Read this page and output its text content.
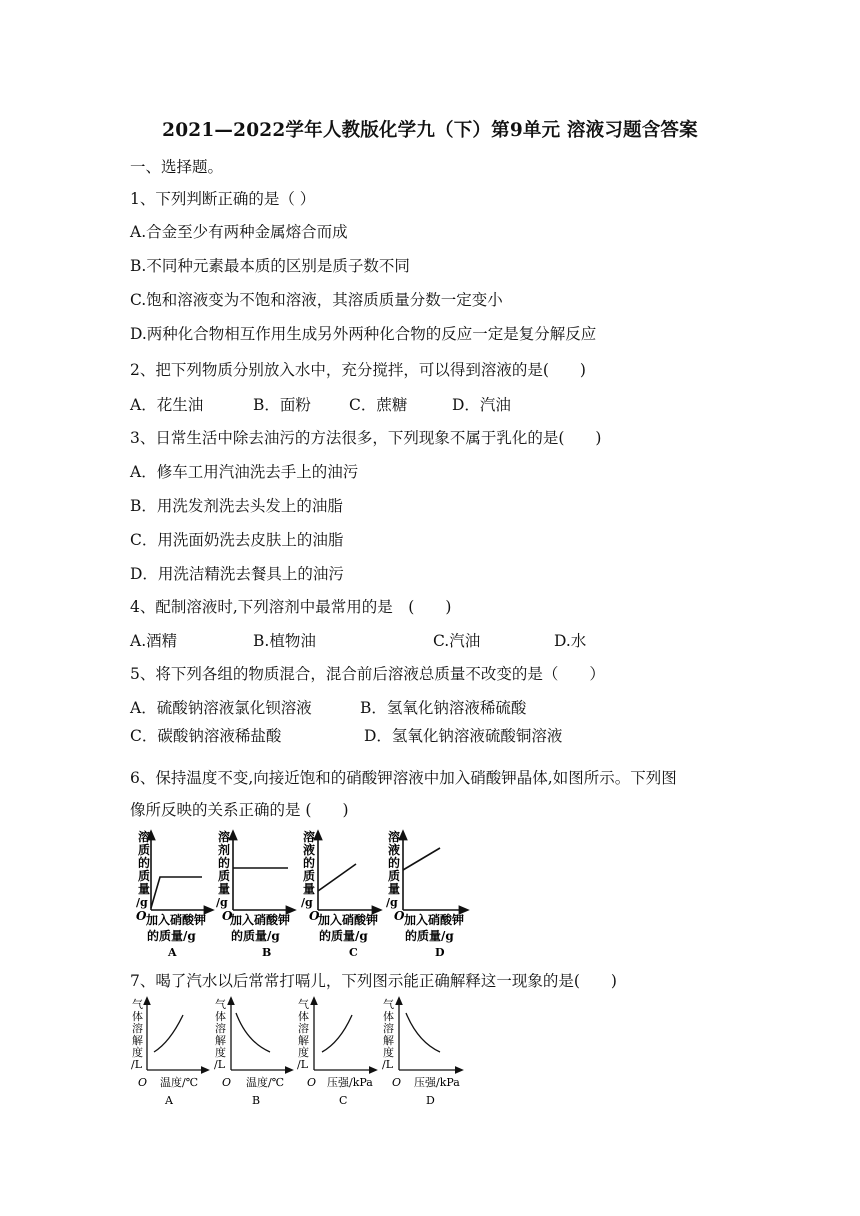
2021—2022学年人教版化学九（下）第9单元 溶液习题含答案
一、选择题。
1、下列判断正确的是（ ）
A.合金至少有两种金属熔合而成
B.不同种元素最本质的区别是质子数不同
C.饱和溶液变为不饱和溶液，其溶质质量分数一定变小
D.两种化合物相互作用生成另外两种化合物的反应一定是复分解反应
2、把下列物质分别放入水中，充分搅拌，可以得到溶液的是(　　)
A．花生油	B．面粉 C．蔗糖	D．汽油
3、日常生活中除去油污的方法很多，下列现象不属于乳化的是(　　)
A．修车工用汽油洗去手上的油污
B．用洗发剂洗去头发上的油脂
C．用洗面奶洗去皮肤上的油脂
D．用洗洁精洗去餐具上的油污
4、配制溶液时,下列溶剂中最常用的是　(　　)
A.酒精	B.植物油	C.汽油	D.水
5、将下列各组的物质混合，混合前后溶液总质量不改变的是（　　）
A．硫酸钠溶液氯化钡溶液	B．氢氧化钠溶液稀硫酸
C．碳酸钠溶液稀盐酸	D．氢氧化钠溶液硫酸铜溶液
6、保持温度不变,向接近饱和的硝酸钾溶液中加入硝酸钾晶体,如图所示。下列图
像所反映的关系正确的是 (　　)
溶
质
的
质
量
/g
O 加入硝酸钾
的质量/g
A
溶
剂
的
质
量
/g
O
加入硝酸钾
的质量/g
B
溶
液
的
质
量
/g
O
加入硝酸钾
的质量/g
C
溶
液
的
质
量
/g
O 加入硝酸钾
的质量/g
D
7、喝了汽水以后常常打嗝儿，下列图示能正确解释这一现象的是(　　)
气
体
溶
解
度
/L
O 温度/℃
A
气
体
溶
解
度
/L
O 温度/℃
B
气
体
溶
解
度
/L
O 压强/kPa
C
气
体
溶
解
度
/L
O 压强/kPa
D
